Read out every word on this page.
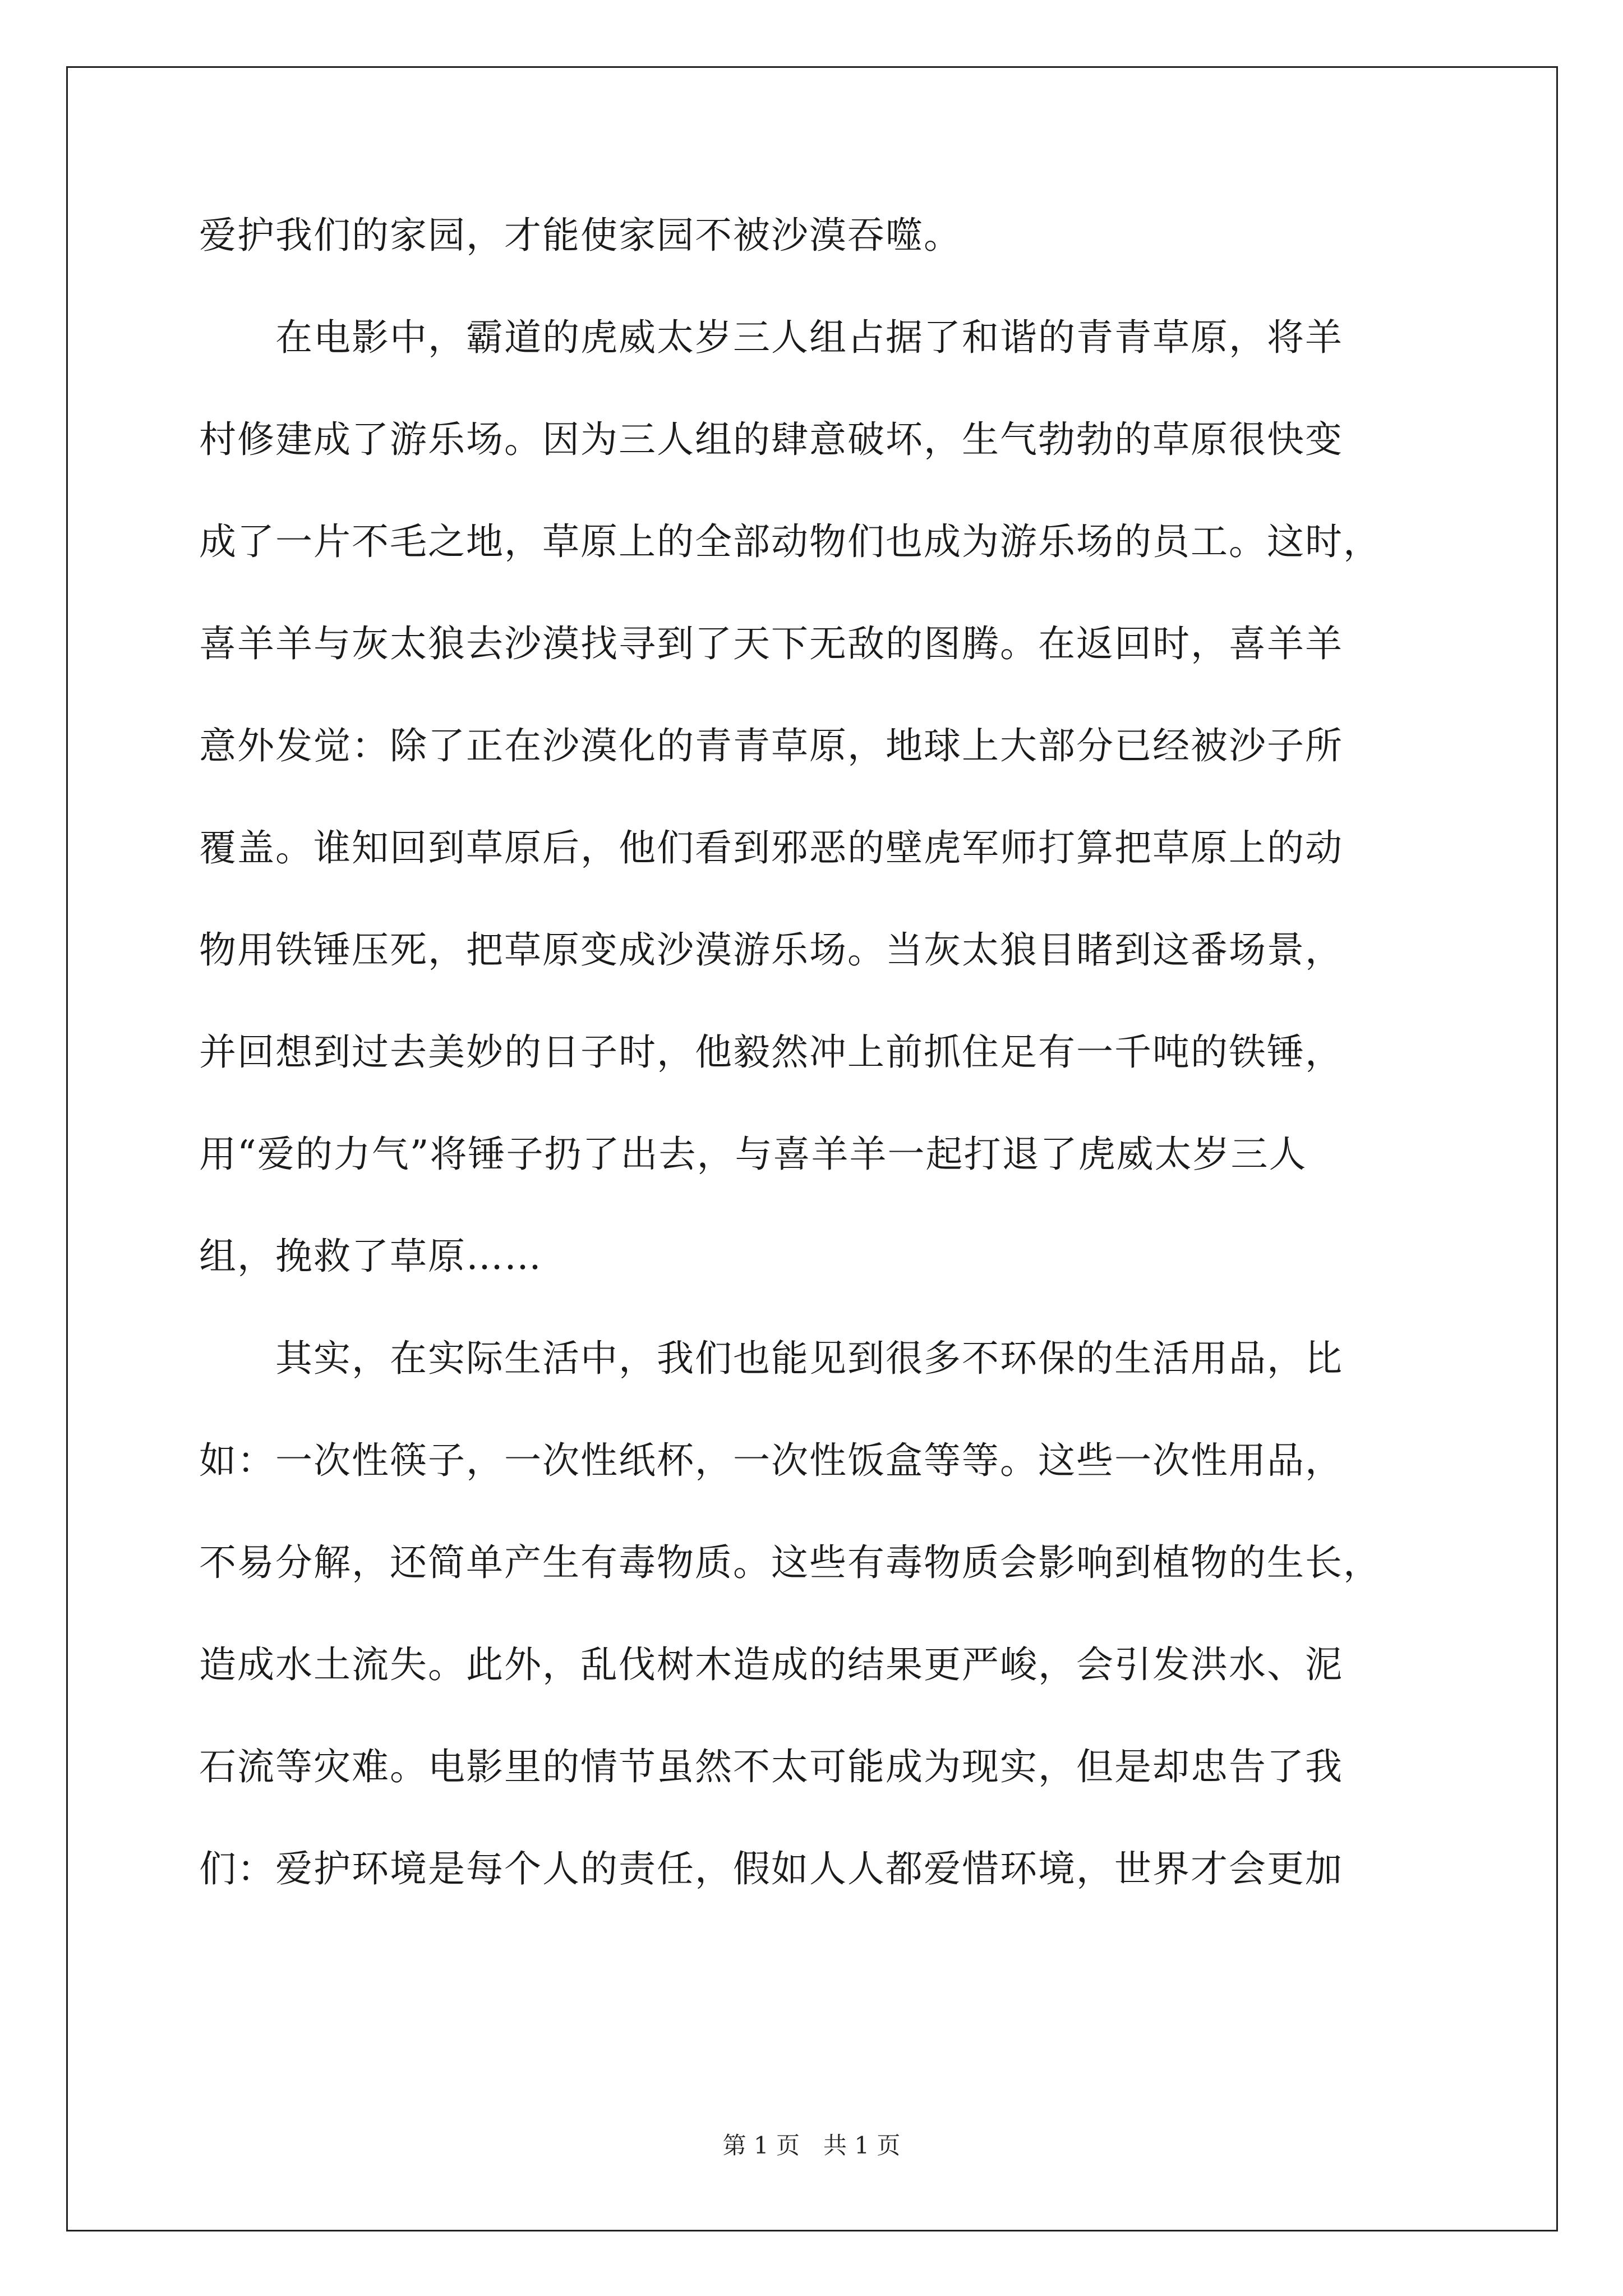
爱护我们的家园，才能使家园不被沙漠吞噬。
　　在电影中，霸道的虎威太岁三人组占据了和谐的青青草原，将羊
村修建成了游乐场。因为三人组的肆意破坏，生气勃勃的草原很快变
成了一片不毛之地，草原上的全部动物们也成为游乐场的员工。这时，
喜羊羊与灰太狼去沙漠找寻到了天下无敌的图腾。在返回时，喜羊羊
意外发觉：除了正在沙漠化的青青草原，地球上大部分已经被沙子所
覆盖。谁知回到草原后，他们看到邪恶的壁虎军师打算把草原上的动
物用铁锤压死，把草原变成沙漠游乐场。当灰太狼目睹到这番场景，
并回想到过去美妙的日子时，他毅然冲上前抓住足有一千吨的铁锤，
用“爱的力气”将锤子扔了出去，与喜羊羊一起打退了虎威太岁三人
组，挽救了草原……
　　其实，在实际生活中，我们也能见到很多不环保的生活用品，比
如：一次性筷子，一次性纸杯，一次性饭盒等等。这些一次性用品，
不易分解，还简单产生有毒物质。这些有毒物质会影响到植物的生长，
造成水土流失。此外，乱伐树木造成的结果更严峻，会引发洪水、泥
石流等灾难。电影里的情节虽然不太可能成为现实，但是却忠告了我
们：爱护环境是每个人的责任，假如人人都爱惜环境，世界才会更加
第 1 页　共 1 页
